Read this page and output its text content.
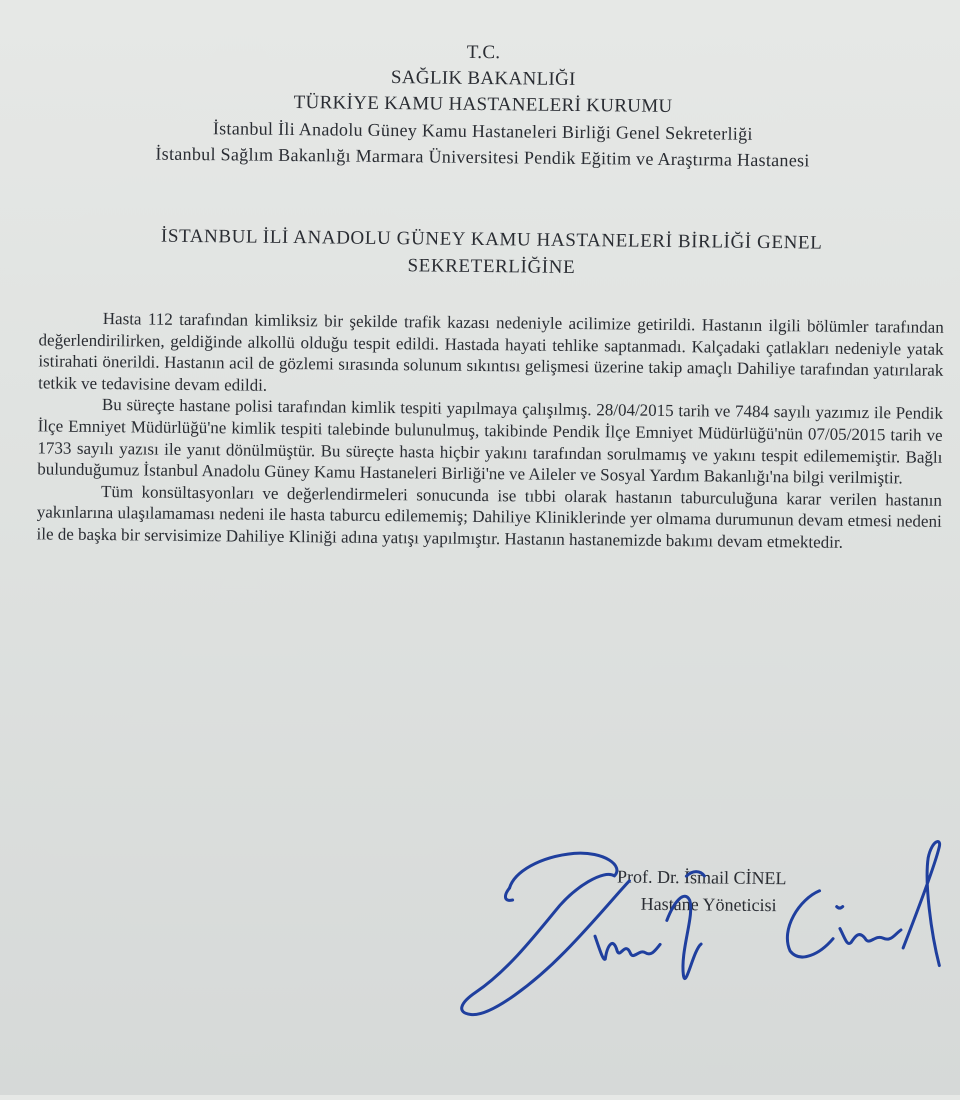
T.C.
SAĞLIK BAKANLIĞI
TÜRKİYE KAMU HASTANELERİ KURUMU
İstanbul İli Anadolu Güney Kamu Hastaneleri Birliği Genel Sekreterliği
İstanbul Sağlım Bakanlığı Marmara Üniversitesi Pendik Eğitim ve Araştırma Hastanesi
İSTANBUL İLİ ANADOLU GÜNEY KAMU HASTANELERİ BİRLİĞİ GENEL
SEKRETERLİĞİNE

Hasta 112 tarafından kimliksiz bir şekilde trafik kazası nedeniyle acilimize getirildi. Hastanın ilgili bölümler tarafından değerlendirilirken, geldiğinde alkollü olduğu tespit edildi. Hastada hayati tehlike saptanmadı. Kalçadaki çatlakları nedeniyle yatak istirahati önerildi. Hastanın acil de gözlemi sırasında solunum sıkıntısı gelişmesi üzerine takip amaçlı Dahiliye tarafından yatırılarak tetkik ve tedavisine devam edildi.

Bu süreçte hastane polisi tarafından kimlik tespiti yapılmaya çalışılmış. 28/04/2015 tarih ve 7484 sayılı yazımız ile Pendik İlçe Emniyet Müdürlüğü'ne kimlik tespiti talebinde bulunulmuş, takibinde Pendik İlçe Emniyet Müdürlüğü'nün 07/05/2015 tarih ve 1733 sayılı yazısı ile yanıt dönülmüştür. Bu süreçte hasta hiçbir yakını tarafından sorulmamış ve yakını tespit edilememiştir. Bağlı bulunduğumuz İstanbul Anadolu Güney Kamu Hastaneleri Birliği'ne ve Aileler ve Sosyal Yardım Bakanlığı'na bilgi verilmiştir.

Tüm konsültasyonları ve değerlendirmeleri sonucunda ise tıbbi olarak hastanın taburculuğuna karar verilen hastanın yakınlarına ulaşılamaması nedeni ile hasta taburcu edilememiş; Dahiliye Kliniklerinde yer olmama durumunun devam etmesi nedeni ile de başka bir servisimize Dahiliye Kliniği adına yatışı yapılmıştır. Hastanın hastanemizde bakımı devam etmektedir.

Prof. Dr. İsmail CİNEL
Hastane Yöneticisi
